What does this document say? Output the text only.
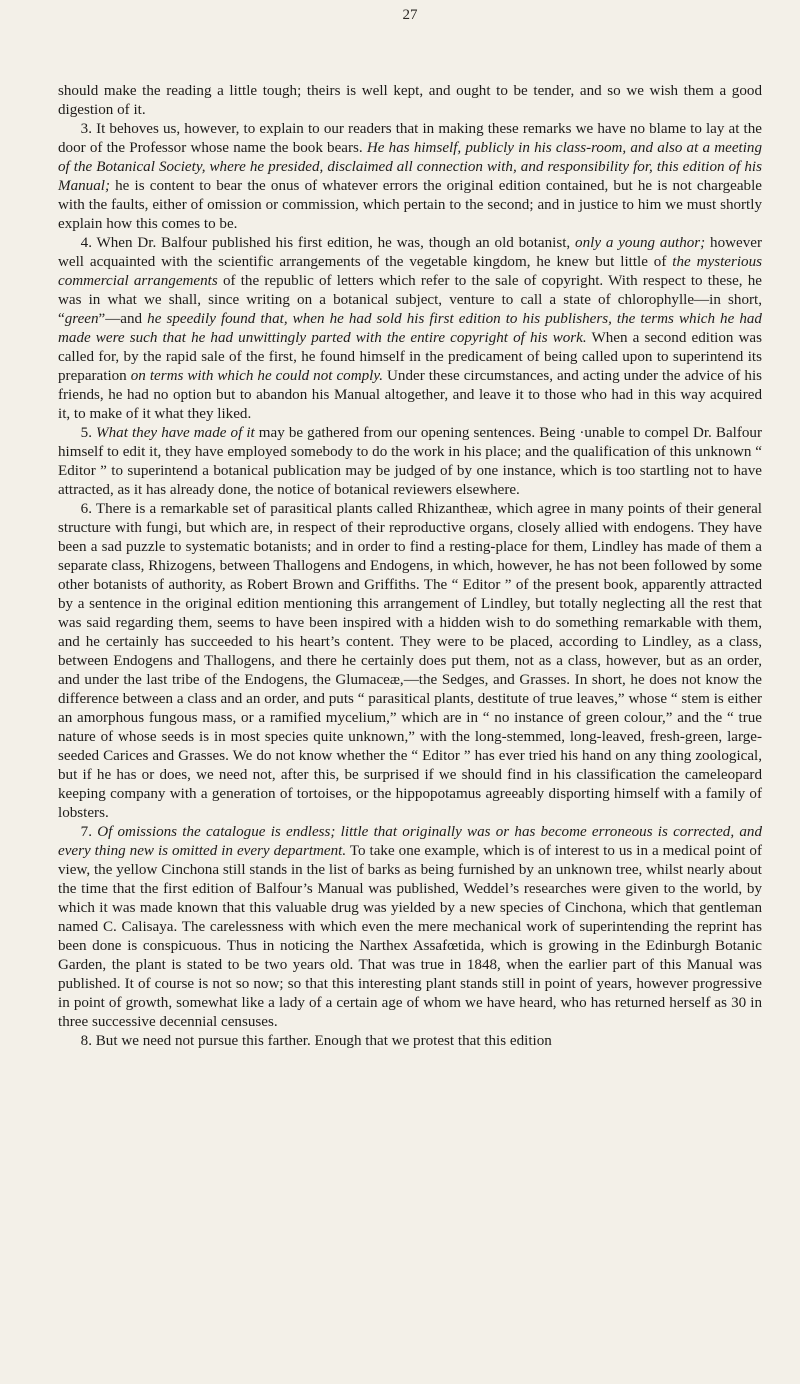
27

should make the reading a little tough; theirs is well kept, and ought to be tender, and so we wish them a good digestion of it.

3. It behoves us, however, to explain to our readers that in making these remarks we have no blame to lay at the door of the Professor whose name the book bears. He has himself, publicly in his class-room, and also at a meeting of the Botanical Society, where he presided, disclaimed all connection with, and responsibility for, this edition of his Manual; he is content to bear the onus of whatever errors the original edition contained, but he is not chargeable with the faults, either of omission or commission, which pertain to the second; and in justice to him we must shortly explain how this comes to be.

4. When Dr. Balfour published his first edition, he was, though an old botanist, only a young author; however well acquainted with the scientific arrangements of the vegetable kingdom, he knew but little of the mysterious commercial arrangements of the republic of letters which refer to the sale of copyright. With respect to these, he was in what we shall, since writing on a botanical subject, venture to call a state of chlorophylle—in short, “green”—and he speedily found that, when he had sold his first edition to his publishers, the terms which he had made were such that he had unwittingly parted with the entire copyright of his work. When a second edition was called for, by the rapid sale of the first, he found himself in the predicament of being called upon to superintend its preparation on terms with which he could not comply. Under these circumstances, and acting under the advice of his friends, he had no option but to abandon his Manual altogether, and leave it to those who had in this way acquired it, to make of it what they liked.

5. What they have made of it may be gathered from our opening sentences. Being ·unable to compel Dr. Balfour himself to edit it, they have employed somebody to do the work in his place; and the qualification of this unknown “ Editor ” to superintend a botanical publication may be judged of by one instance, which is too startling not to have attracted, as it has already done, the notice of botanical reviewers elsewhere.

6. There is a remarkable set of parasitical plants called Rhizantheæ, which agree in many points of their general structure with fungi, but which are, in respect of their reproductive organs, closely allied with endogens. They have been a sad puzzle to systematic botanists; and in order to find a resting-place for them, Lindley has made of them a separate class, Rhizogens, between Thallogens and Endogens, in which, however, he has not been followed by some other botanists of authority, as Robert Brown and Griffiths. The “ Editor ” of the present book, apparently attracted by a sentence in the original edition mentioning this arrangement of Lindley, but totally neglecting all the rest that was said regarding them, seems to have been inspired with a hidden wish to do something remarkable with them, and he certainly has succeeded to his heart’s content. They were to be placed, according to Lindley, as a class, between Endogens and Thallogens, and there he certainly does put them, not as a class, however, but as an order, and under the last tribe of the Endogens, the Glumaceæ,—the Sedges, and Grasses. In short, he does not know the difference between a class and an order, and puts “ parasitical plants, destitute of true leaves,” whose “ stem is either an amorphous fungous mass, or a ramified mycelium,” which are in “ no instance of green colour,” and the “ true nature of whose seeds is in most species quite unknown,” with the long-stemmed, long-leaved, fresh-green, large-seeded Carices and Grasses. We do not know whether the “ Editor ” has ever tried his hand on any thing zoological, but if he has or does, we need not, after this, be surprised if we should find in his classification the cameleopard keeping company with a generation of tortoises, or the hippopotamus agreeably disporting himself with a family of lobsters.

7. Of omissions the catalogue is endless; little that originally was or has become erroneous is corrected, and every thing new is omitted in every department. To take one example, which is of interest to us in a medical point of view, the yellow Cinchona still stands in the list of barks as being furnished by an unknown tree, whilst nearly about the time that the first edition of Balfour’s Manual was published, Weddel’s researches were given to the world, by which it was made known that this valuable drug was yielded by a new species of Cinchona, which that gentleman named C. Calisaya. The carelessness with which even the mere mechanical work of superintending the reprint has been done is conspicuous. Thus in noticing the Narthex Assafœtida, which is growing in the Edinburgh Botanic Garden, the plant is stated to be two years old. That was true in 1848, when the earlier part of this Manual was published. It of course is not so now; so that this interesting plant stands still in point of years, however progressive in point of growth, somewhat like a lady of a certain age of whom we have heard, who has returned herself as 30 in three successive decennial censuses.

8. But we need not pursue this farther. Enough that we protest that this edition
